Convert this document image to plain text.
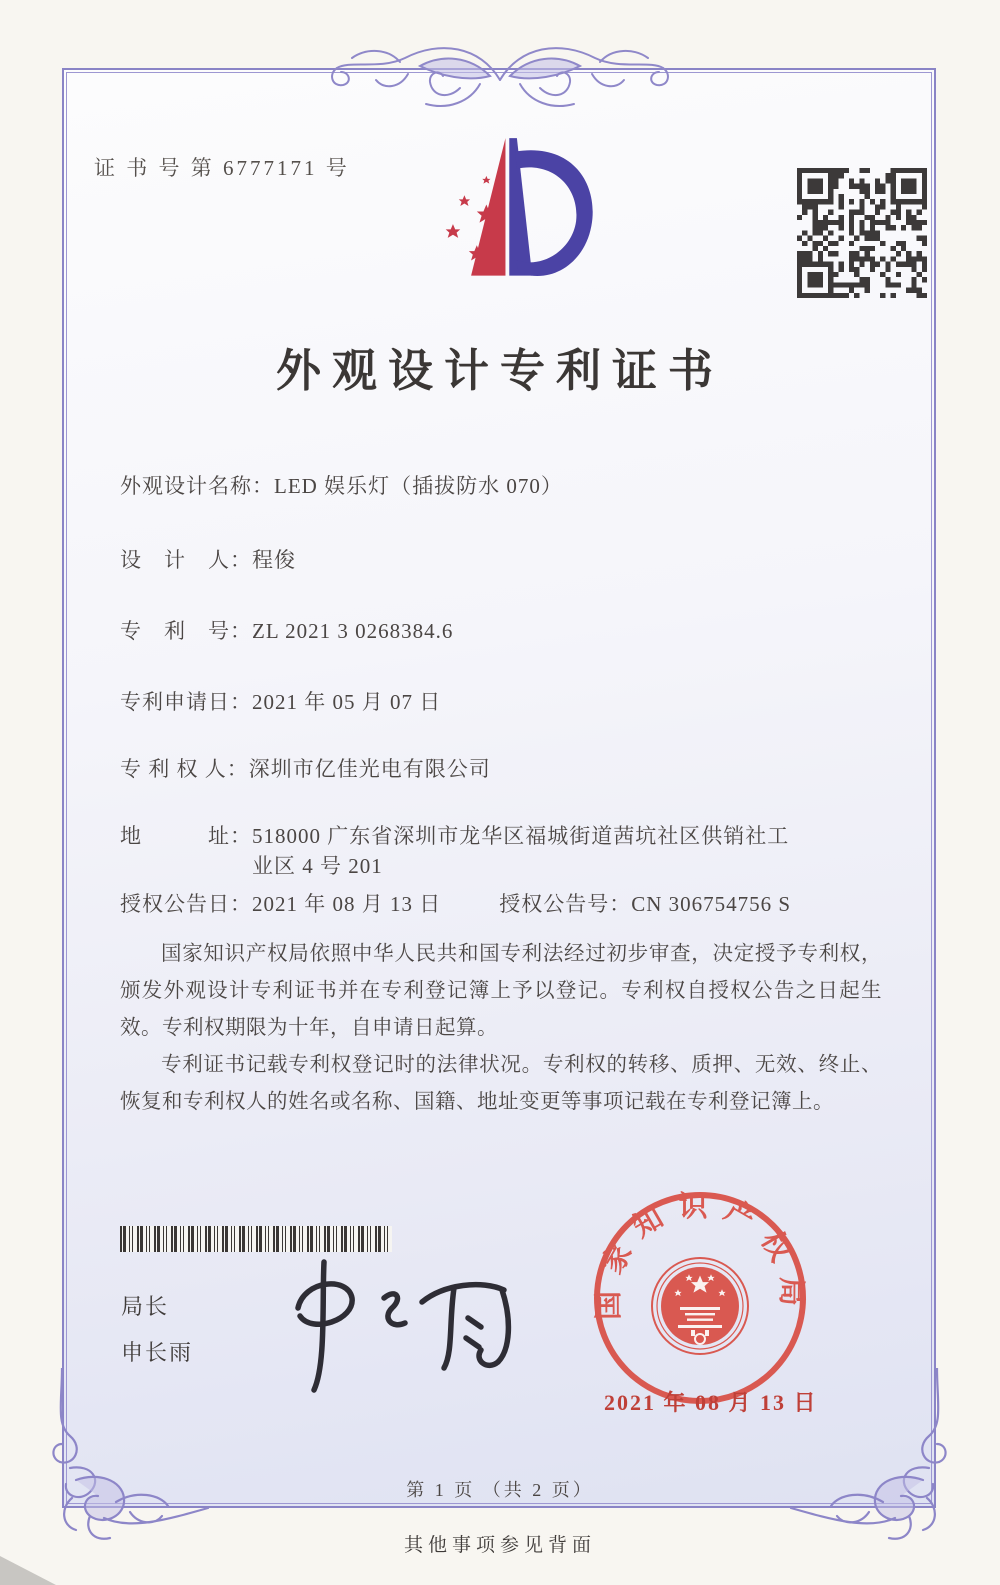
证 书 号 第 6777171 号
外观设计专利证书
外观设计名称：LED 娱乐灯（插拔防水 070）
设　计　人：程俊
专　利　号：ZL 2021 3 0268384.6
专利申请日：2021 年 05 月 07 日
专 利 权 人：深圳市亿佳光电有限公司
地　　　址：518000 广东省深圳市龙华区福城街道茜坑社区供销社工
业区 4 号 201
授权公告日：2021 年 08 月 13 日	授权公告号：CN 306754756 S

国家知识产权局依照中华人民共和国专利法经过初步审查，决定授予专利权，颁发外观设计专利证书并在专利登记簿上予以登记。专利权自授权公告之日起生效。专利权期限为十年，自申请日起算。

专利证书记载专利权登记时的法律状况。专利权的转移、质押、无效、终止、恢复和专利权人的姓名或名称、国籍、地址变更等事项记载在专利登记簿上。

局长
申长雨
国家知识产权局
2021 年 08 月 13 日
第 1 页 （共 2 页）
其他事项参见背面
